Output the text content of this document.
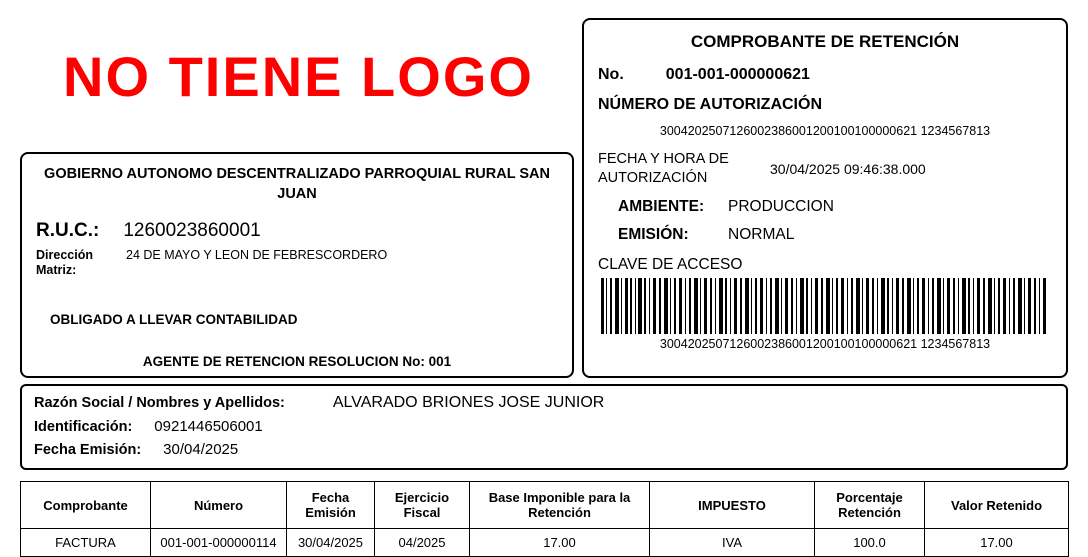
NO TIENE LOGO
GOBIERNO AUTONOMO DESCENTRALIZADO PARROQUIAL RURAL SAN JUAN
R.U.C.: 1260023860001
Dirección Matriz:
24 DE MAYO Y LEON DE FEBRESCORDERO
OBLIGADO A LLEVAR CONTABILIDAD
AGENTE DE RETENCION RESOLUCION No: 001
COMPROBANTE DE RETENCIÓN
No.	001-001-000000621
NÚMERO DE AUTORIZACIÓN
3004202507126002386001200100100000621 1234567813
FECHA Y HORA DE AUTORIZACIÓN
30/04/2025 09:46:38.000
AMBIENTE:	PRODUCCION
EMISIÓN:	NORMAL
CLAVE DE ACCESO
3004202507126002386001200100100000621 1234567813
Razón Social / Nombres y Apellidos:	ALVARADO BRIONES JOSE JUNIOR
Identificación: 0921446506001
Fecha Emisión: 30/04/2025
Comprobante	Número	Fecha Emisión	Ejercicio Fiscal	Base Imponible para la Retención	IMPUESTO	Porcentaje Retención	Valor Retenido
FACTURA	001-001-000000114	30/04/2025	04/2025	17.00	IVA	100.0	17.00
